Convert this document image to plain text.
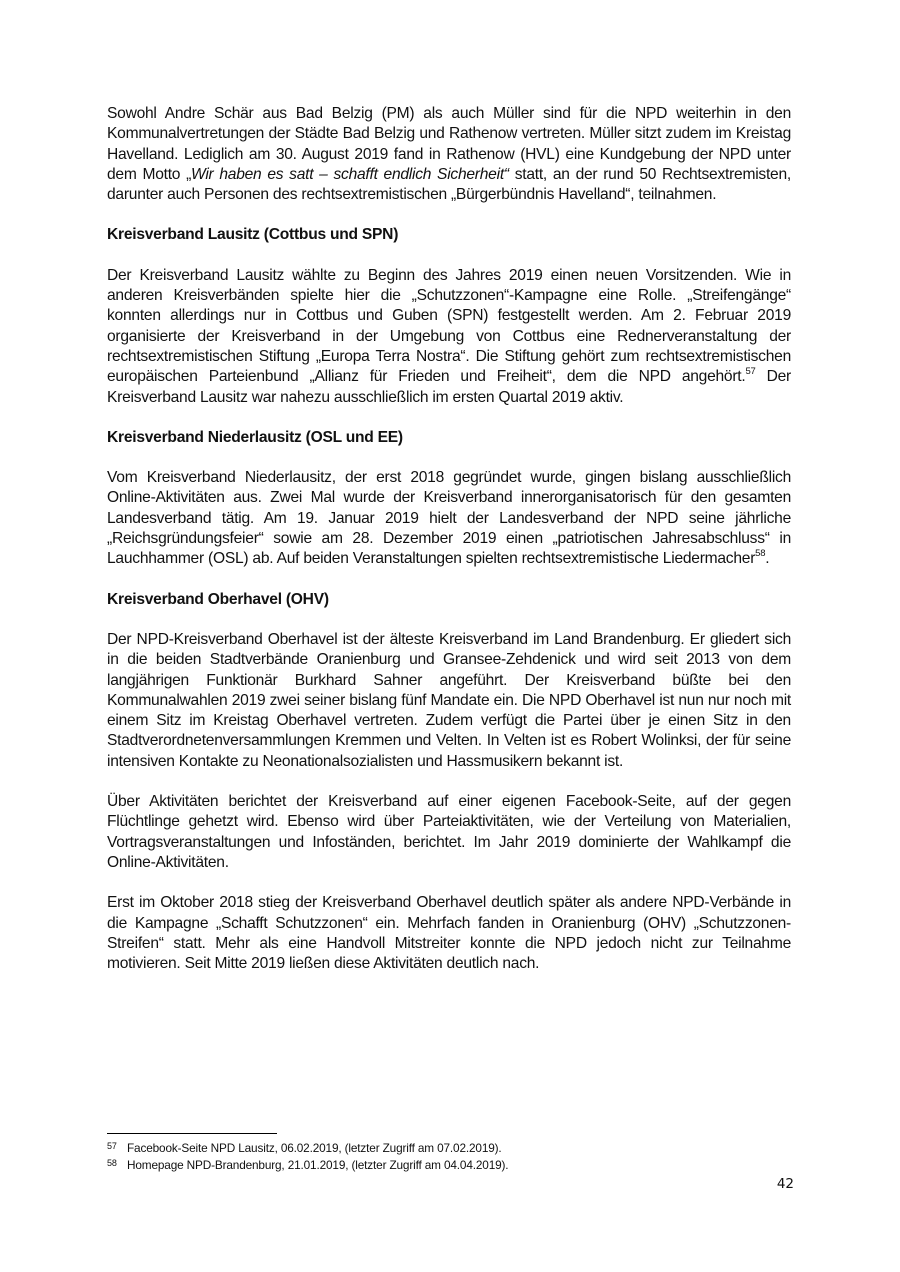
Sowohl Andre Schär aus Bad Belzig (PM) als auch Müller sind für die NPD weiterhin in den Kommunalvertretungen der Städte Bad Belzig und Rathenow vertreten. Müller sitzt zudem im Kreistag Havelland. Lediglich am 30. August 2019 fand in Rathenow (HVL) eine Kundgebung der NPD unter dem Motto „Wir haben es satt – schafft endlich Sicherheit“ statt, an der rund 50 Rechtsextremisten, darunter auch Personen des rechtsextremistischen „Bürgerbündnis Havelland“, teilnahmen.

Kreisverband Lausitz (Cottbus und SPN)

Der Kreisverband Lausitz wählte zu Beginn des Jahres 2019 einen neuen Vorsitzenden. Wie in anderen Kreisverbänden spielte hier die „Schutzzonen“-Kampagne eine Rolle. „Streifengänge“ konnten allerdings nur in Cottbus und Guben (SPN) festgestellt werden. Am 2. Februar 2019 organisierte der Kreisverband in der Umgebung von Cottbus eine Rednerveranstaltung der rechtsextremistischen Stiftung „Europa Terra Nostra“. Die Stiftung gehört zum rechtsextremistischen europäischen Parteienbund „Allianz für Frieden und Freiheit“, dem die NPD angehört.$^{57}$ Der Kreisverband Lausitz war nahezu ausschließlich im ersten Quartal 2019 aktiv.

Kreisverband Niederlausitz (OSL und EE)

Vom Kreisverband Niederlausitz, der erst 2018 gegründet wurde, gingen bislang ausschließlich Online-Aktivitäten aus. Zwei Mal wurde der Kreisverband innerorganisatorisch für den gesamten Landesverband tätig. Am 19. Januar 2019 hielt der Landesverband der NPD seine jährliche „Reichsgründungsfeier“ sowie am 28. Dezember 2019 einen „patriotischen Jahresabschluss“ in Lauchhammer (OSL) ab. Auf beiden Veranstaltungen spielten rechtsextremistische Liedermacher$^{58}$.

Kreisverband Oberhavel (OHV)

Der NPD-Kreisverband Oberhavel ist der älteste Kreisverband im Land Brandenburg. Er gliedert sich in die beiden Stadtverbände Oranienburg und Gransee-Zehdenick und wird seit 2013 von dem langjährigen Funktionär Burkhard Sahner angeführt. Der Kreisverband büßte bei den Kommunalwahlen 2019 zwei seiner bislang fünf Mandate ein. Die NPD Oberhavel ist nun nur noch mit einem Sitz im Kreistag Oberhavel vertreten. Zudem verfügt die Partei über je einen Sitz in den Stadtverordnetenversammlungen Kremmen und Velten. In Velten ist es Robert Wolinksi, der für seine intensiven Kontakte zu Neonationalsozialisten und Hassmusikern bekannt ist.

Über Aktivitäten berichtet der Kreisverband auf einer eigenen Facebook-Seite, auf der gegen Flüchtlinge gehetzt wird. Ebenso wird über Parteiaktivitäten, wie der Verteilung von Materialien, Vortragsveranstaltungen und Infoständen, berichtet. Im Jahr 2019 dominierte der Wahlkampf die Online-Aktivitäten.

Erst im Oktober 2018 stieg der Kreisverband Oberhavel deutlich später als andere NPD-Verbände in die Kampagne „Schafft Schutzzonen“ ein. Mehrfach fanden in Oranienburg (OHV) „Schutzzonen-Streifen“ statt. Mehr als eine Handvoll Mitstreiter konnte die NPD jedoch nicht zur Teilnahme motivieren. Seit Mitte 2019 ließen diese Aktivitäten deutlich nach.

57 Facebook-Seite NPD Lausitz, 06.02.2019, (letzter Zugriff am 07.02.2019).
58 Homepage NPD-Brandenburg, 21.01.2019, (letzter Zugriff am 04.04.2019).
42
